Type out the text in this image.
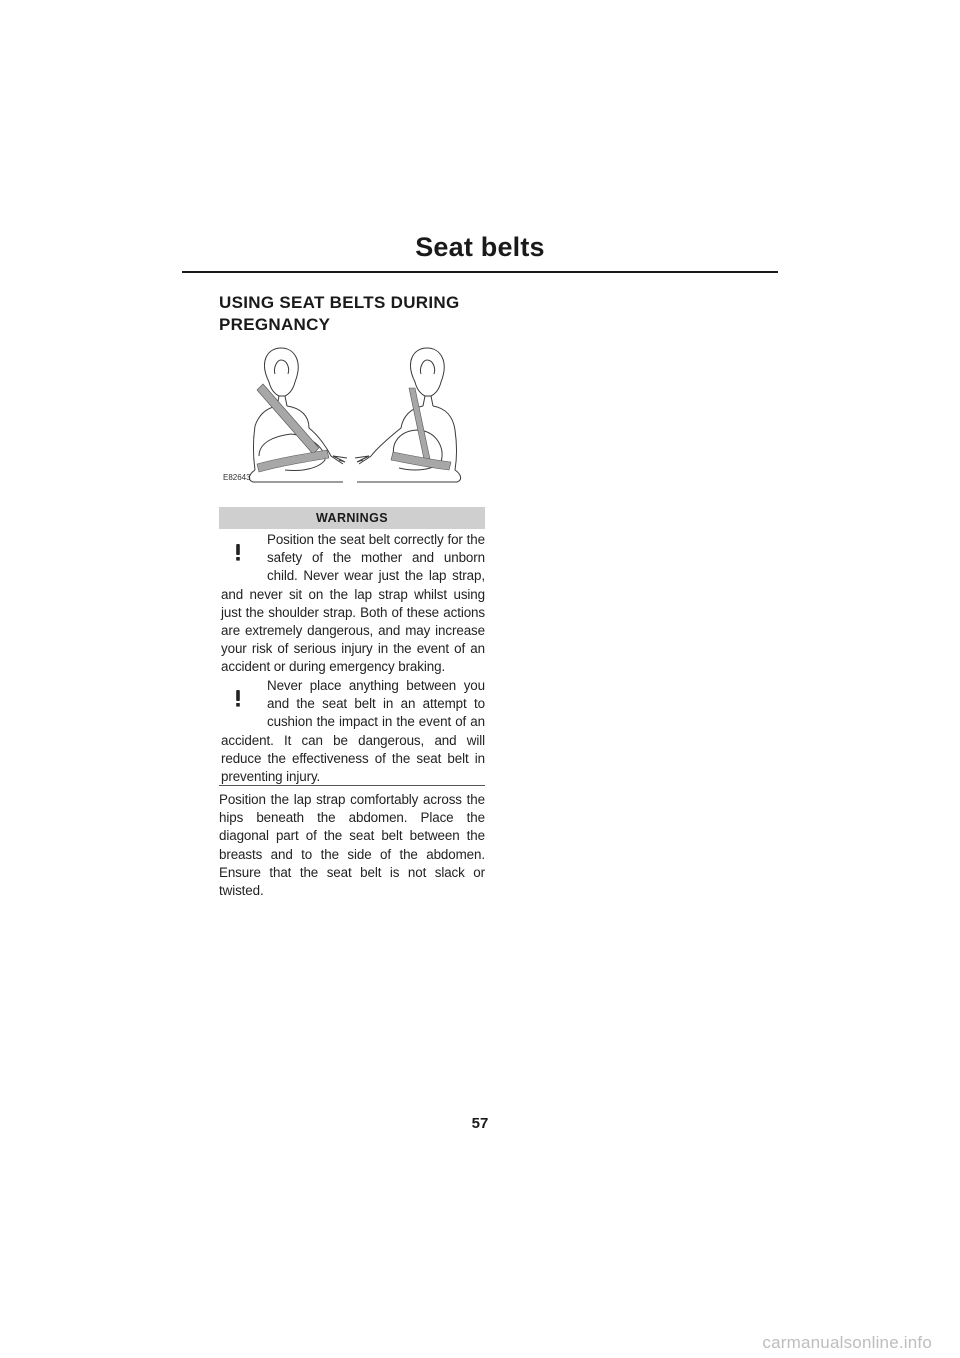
Seat belts
USING SEAT BELTS DURING PREGNANCY
E82643
WARNINGS
Position the seat belt correctly for the safety of the mother and unborn child. Never wear just the lap strap, and never sit on the lap strap whilst using just the shoulder strap. Both of these actions are extremely dangerous, and may increase your risk of serious injury in the event of an accident or during emergency braking.
Never place anything between you and the seat belt in an attempt to cushion the impact in the event of an accident. It can be dangerous, and will reduce the effectiveness of the seat belt in preventing injury.
Position the lap strap comfortably across the hips beneath the abdomen. Place the diagonal part of the seat belt between the breasts and to the side of the abdomen. Ensure that the seat belt is not slack or twisted.
57
carmanualsonline.info
